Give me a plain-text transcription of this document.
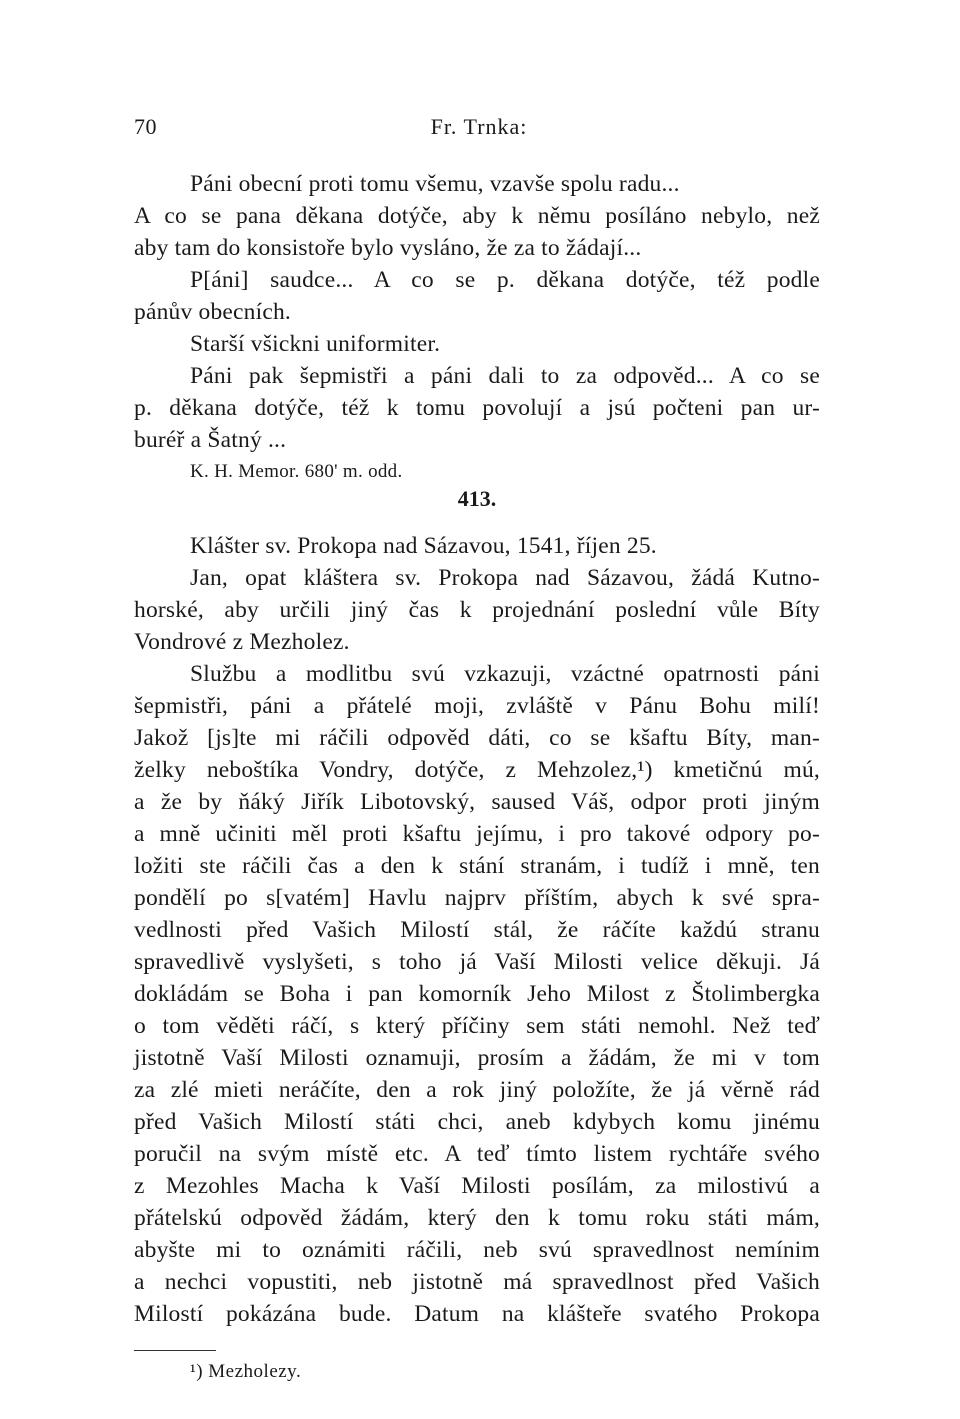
70	Fr. Trnka:
Páni obecní proti tomu všemu, vzavše spolu radu...
A co se pana děkana dotýče, aby k němu posíláno nebylo, než
aby tam do konsistoře bylo vysláno, že za to žádají...
P[áni] saudce... A co se p. děkana dotýče, též podle
pánův obecních.
Starší všickni uniformiter.
Páni pak šepmistři a páni dali to za odpověd... A co se
p. děkana dotýče, též k tomu povolují a jsú počteni pan ur-
buréř a Šatný ...
K. H. Memor. 680' m. odd.
413.
Klášter sv. Prokopa nad Sázavou, 1541, říjen 25.
Jan, opat kláštera sv. Prokopa nad Sázavou, žádá Kutno-
horské, aby určili jiný čas k projednání poslední vůle Bíty
Vondrové z Mezholez.
Službu a modlitbu svú vzkazuji, vzáctné opatrnosti páni
šepmistři, páni a přátelé moji, zvláště v Pánu Bohu milí!
Jakož [js]te mi ráčili odpověd dáti, co se kšaftu Bíty, man-
želky neboštíka Vondry, dotýče, z Mehzolez,¹) kmetičnú mú,
a že by ňáký Jiřík Libotovský, saused Váš, odpor proti jiným
a mně učiniti měl proti kšaftu jejímu, i pro takové odpory po-
ložiti ste ráčili čas a den k stání stranám, i tudíž i mně, ten
pondělí po s[vatém] Havlu najprv příštím, abych k své spra-
vedlnosti před Vašich Milostí stál, že ráčíte každú stranu
spravedlivě vyslyšeti, s toho já Vaší Milosti velice děkuji. Já
dokládám se Boha i pan komorník Jeho Milost z Štolimbergka
o tom věděti ráčí, s který příčiny sem státi nemohl. Než teď
jistotně Vaší Milosti oznamuji, prosím a žádám, že mi v tom
za zlé mieti neráčíte, den a rok jiný položíte, že já věrně rád
před Vašich Milostí státi chci, aneb kdybych komu jinému
poručil na svým místě etc. A teď tímto listem rychtáře svého
z Mezohles Macha k Vaší Milosti posílám, za milostivú a
přátelskú odpověd žádám, který den k tomu roku státi mám,
abyšte mi to oznámiti ráčili, neb svú spravedlnost nemínim
a nechci vopustiti, neb jistotně má spravedlnost před Vašich
Milostí pokázána bude. Datum na klášteře svatého Prokopa
¹) Mezholezy.
